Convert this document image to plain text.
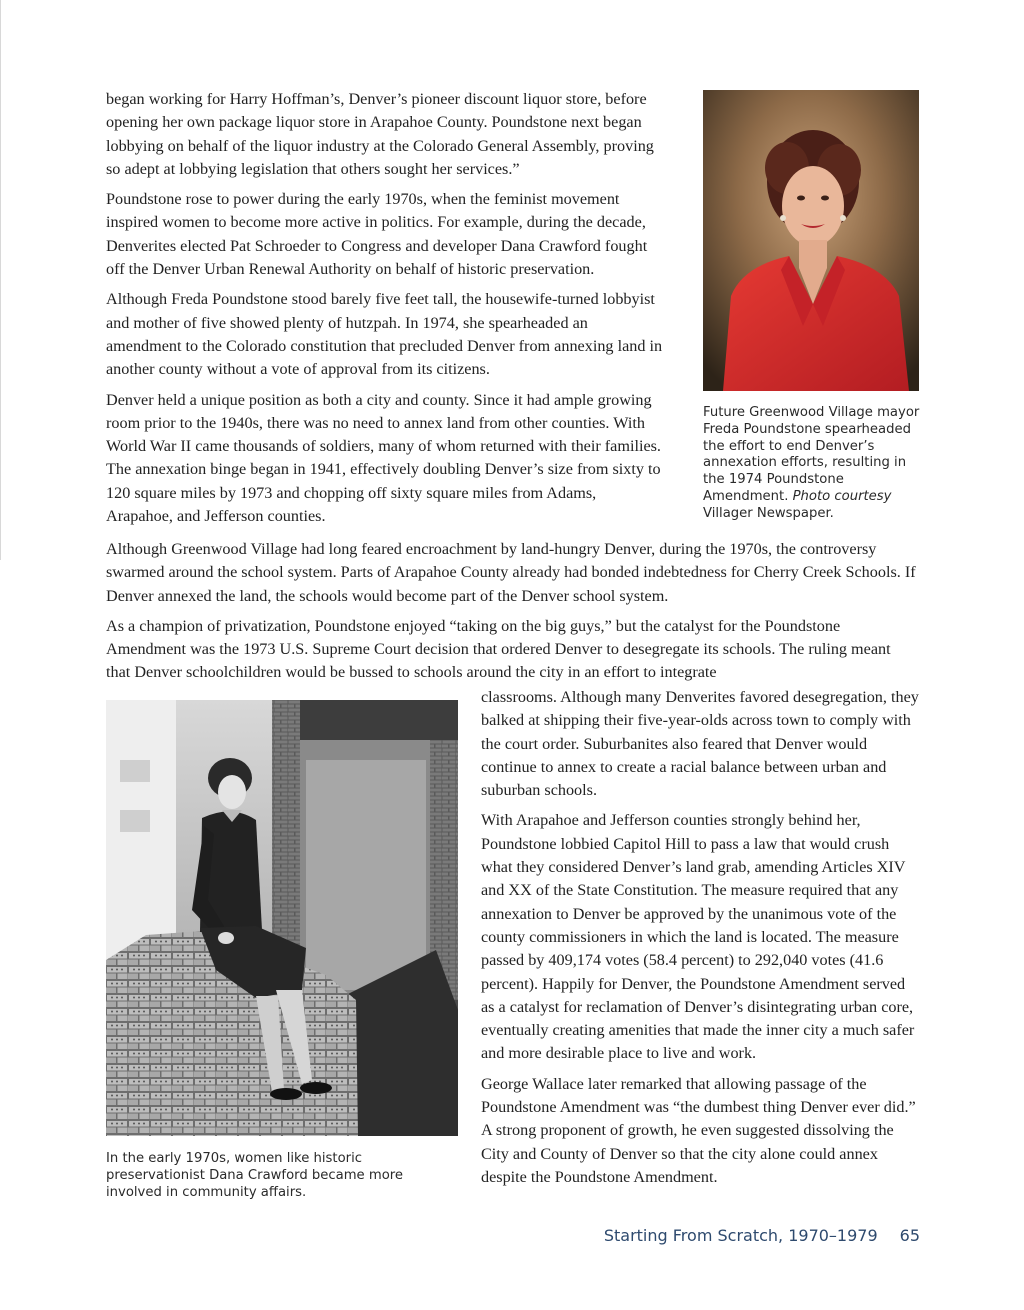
began working for Harry Hoffman’s, Denver’s pioneer discount liquor store, before opening her own package liquor store in Arapahoe County. Poundstone next began lobbying on behalf of the liquor industry at the Colorado General Assembly, proving so adept at lobbying legislation that others sought her services.”

Poundstone rose to power during the early 1970s, when the feminist movement inspired women to become more active in politics. For example, during the decade, Denverites elected Pat Schroeder to Congress and developer Dana Crawford fought off the Denver Urban Renewal Authority on behalf of historic preservation.

Although Freda Poundstone stood barely five feet tall, the housewife-turned lobbyist and mother of five showed plenty of hutzpah. In 1974, she spearheaded an amendment to the Colorado constitution that precluded Denver from annexing land in another county without a vote of approval from its citizens.

Denver held a unique position as both a city and county. Since it had ample growing room prior to the 1940s, there was no need to annex land from other counties. With World War II came thousands of soldiers, many of whom returned with their families. The annexation binge began in 1941, effectively doubling Denver’s size from sixty to 120 square miles by 1973 and chopping off sixty square miles from Adams, Arapahoe, and Jefferson counties.

Future Greenwood Village mayor Freda Poundstone spearheaded the effort to end Denver’s annexation efforts, resulting in the 1974 Poundstone Amendment. Photo courtesy Villager Newspaper.

Although Greenwood Village had long feared encroachment by land-hungry Denver, during the 1970s, the controversy swarmed around the school system. Parts of Arapahoe County already had bonded indebtedness for Cherry Creek Schools. If Denver annexed the land, the schools would become part of the Denver school system.

As a champion of privatization, Poundstone enjoyed “taking on the big guys,” but the catalyst for the Poundstone Amendment was the 1973 U.S. Supreme Court decision that ordered Denver to desegregate its schools. The ruling meant that Denver schoolchildren would be bussed to schools around the city in an effort to integrate

In the early 1970s, women like historic preservationist Dana Crawford became more involved in community affairs.

classrooms. Although many Denverites favored desegregation, they balked at shipping their five-year-olds across town to comply with the court order. Suburbanites also feared that Denver would continue to annex to create a racial balance between urban and suburban schools.

With Arapahoe and Jefferson counties strongly behind her, Poundstone lobbied Capitol Hill to pass a law that would crush what they considered Denver’s land grab, amending Articles XIV and XX of the State Constitution. The measure required that any annexation to Denver be approved by the unanimous vote of the county commissioners in which the land is located. The measure passed by 409,174 votes (58.4 percent) to 292,040 votes (41.6 percent). Happily for Denver, the Poundstone Amendment served as a catalyst for reclamation of Denver’s disintegrating urban core, eventually creating amenities that made the inner city a much safer and more desirable place to live and work.

George Wallace later remarked that allowing passage of the Poundstone Amendment was “the dumbest thing Denver ever did.” A strong proponent of growth, he even suggested dissolving the City and County of Denver so that the city alone could annex despite the Poundstone Amendment.

Starting From Scratch, 1970–1979 65
